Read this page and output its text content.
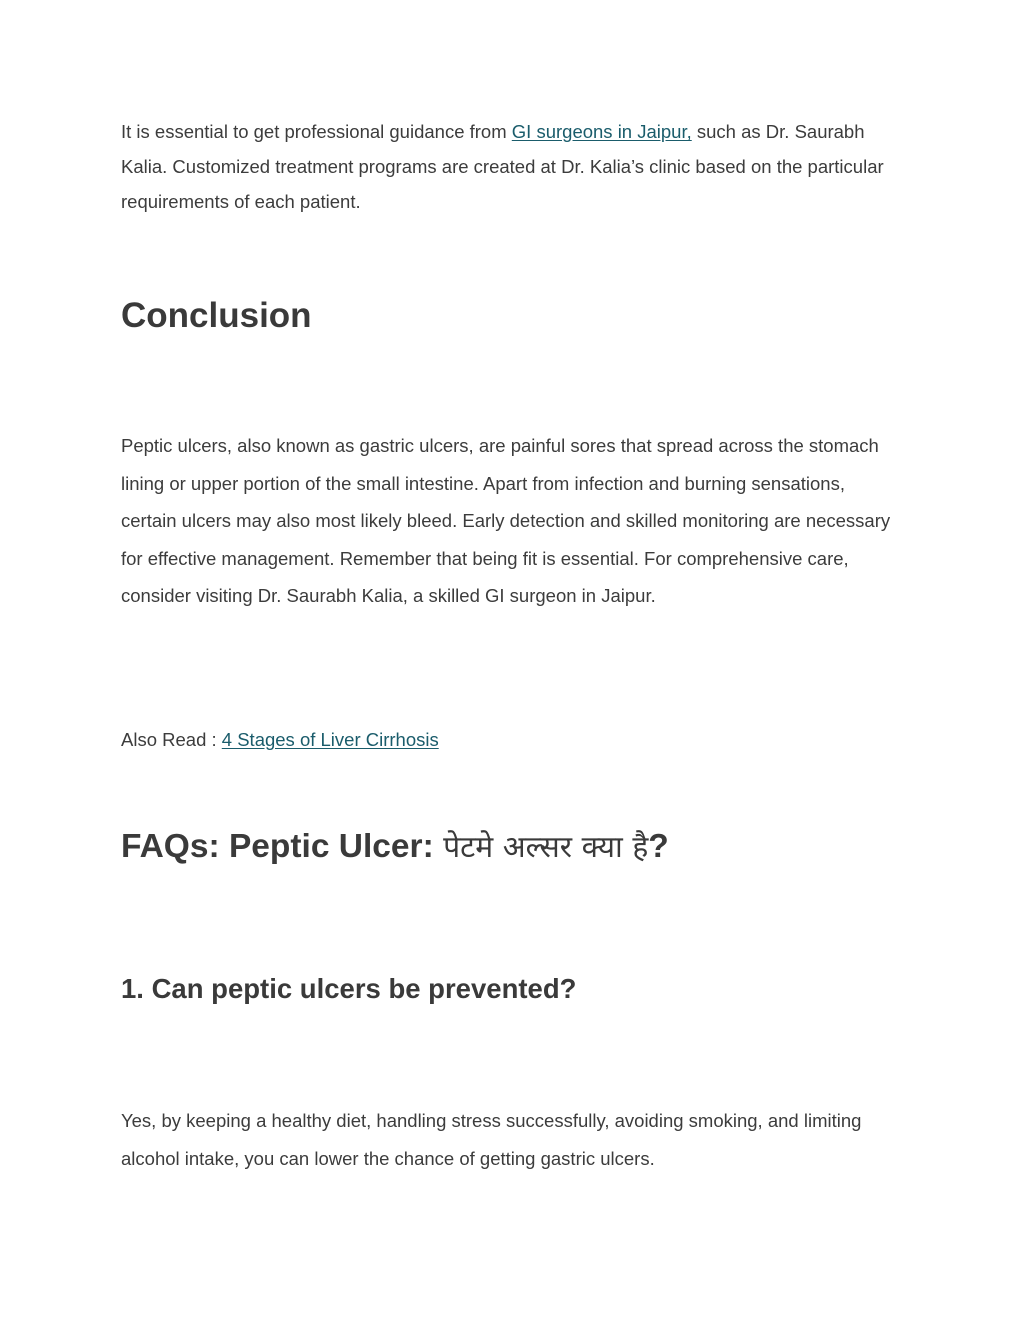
It is essential to get professional guidance from GI surgeons in Jaipur, such as Dr. Saurabh Kalia. Customized treatment programs are created at Dr. Kalia’s clinic based on the particular requirements of each patient.

Conclusion

Peptic ulcers, also known as gastric ulcers, are painful sores that spread across the stomach lining or upper portion of the small intestine. Apart from infection and burning sensations, certain ulcers may also most likely bleed. Early detection and skilled monitoring are necessary for effective management. Remember that being fit is essential. For comprehensive care, consider visiting Dr. Saurabh Kalia, a skilled GI surgeon in Jaipur.

Also Read : 4 Stages of Liver Cirrhosis

FAQs: Peptic Ulcer: पेटमे अल्सर क्या है?
1. Can peptic ulcers be prevented?

Yes, by keeping a healthy diet, handling stress successfully, avoiding smoking, and limiting alcohol intake, you can lower the chance of getting gastric ulcers.
